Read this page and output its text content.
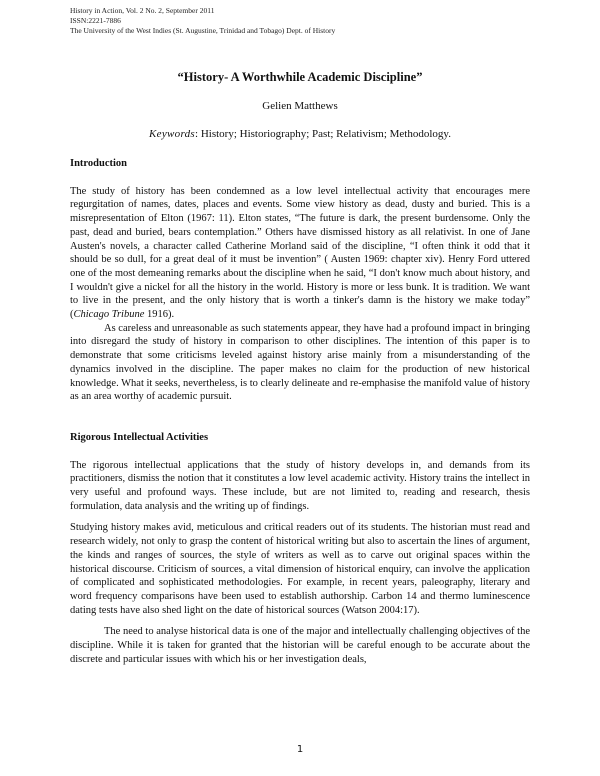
History in Action, Vol. 2 No. 2, September 2011
ISSN:2221-7886
The University of the West Indies (St. Augustine, Trinidad and Tobago) Dept. of History
“History- A Worthwhile Academic Discipline”
Gelien Matthews
Keywords: History; Historiography; Past; Relativism; Methodology.
Introduction

The study of history has been condemned as a low level intellectual activity that encourages mere regurgitation of names, dates, places and events. Some view history as dead, dusty and buried. This is a misrepresentation of Elton (1967: 11). Elton states, “The future is dark, the present burdensome. Only the past, dead and buried, bears contemplation.” Others have dismissed history as all relativist. In one of Jane Austen's novels, a character called Catherine Morland said of the discipline, “I often think it odd that it should be so dull, for a great deal of it must be invention” ( Austen 1969: chapter xiv). Henry Ford uttered one of the most demeaning remarks about the discipline when he said, “I don't know much about history, and I wouldn't give a nickel for all the history in the world. History is more or less bunk. It is tradition. We want to live in the present, and the only history that is worth a tinker's damn is the history we make today” (Chicago Tribune 1916).

As careless and unreasonable as such statements appear, they have had a profound impact in bringing into disregard the study of history in comparison to other disciplines. The intention of this paper is to demonstrate that some criticisms leveled against history arise mainly from a misunderstanding of the dynamics involved in the discipline. The paper makes no claim for the production of new historical knowledge. What it seeks, nevertheless, is to clearly delineate and re-emphasise the manifold value of history as an area worthy of academic pursuit.

Rigorous Intellectual Activities

The rigorous intellectual applications that the study of history develops in, and demands from its practitioners, dismiss the notion that it constitutes a low level academic activity. History trains the intellect in very useful and profound ways. These include, but are not limited to, reading and research, thesis formulation, data analysis and the writing up of findings.

Studying history makes avid, meticulous and critical readers out of its students. The historian must read and research widely, not only to grasp the content of historical writing but also to ascertain the lines of argument, the kinds and ranges of sources, the style of writers as well as to carve out original spaces within the historical discourse. Criticism of sources, a vital dimension of historical enquiry, can involve the application of complicated and sophisticated methodologies. For example, in recent years, paleography, literary and word frequency comparisons have been used to establish authorship. Carbon 14 and thermo luminescence dating tests have also shed light on the date of historical sources (Watson 2004:17).

The need to analyse historical data is one of the major and intellectually challenging objectives of the discipline. While it is taken for granted that the historian will be careful enough to be accurate about the discrete and particular issues with which his or her investigation deals,

1
